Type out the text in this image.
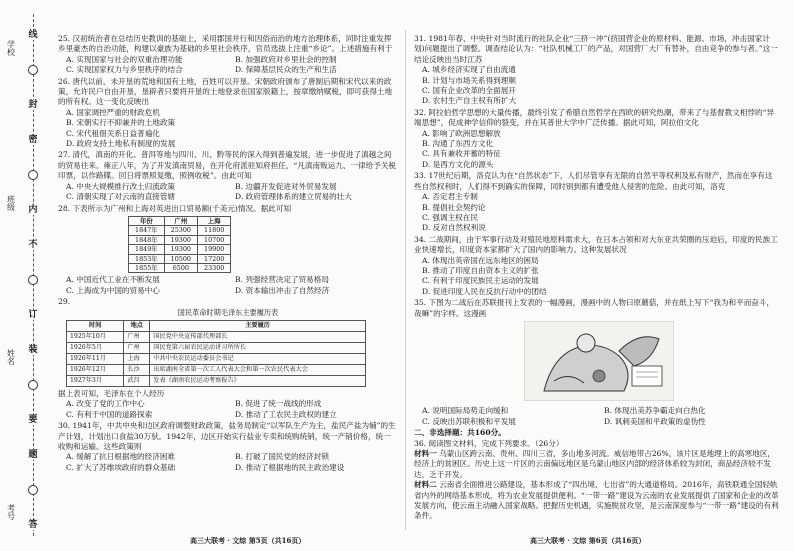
学校
班级
姓名
考号
线
封
密
内
不
订
装
要
题
答
25. 汉初统治者在总结历史教训的基础上，采用郡国并行和因俗而治的地方治理体系，同时注重发挥乡里豪杰的自治功能，构建以豪族为基础的乡里社会秩序，官员选拔上注重“乡论”。上述措施有利于
A. 实现国家与社会的双重治理功能	B. 加强政府对乡里社会的控制
C. 实现国家权力与乡里秩序的结合	D. 保障基层民众的生产和生活
26. 唐代以前，未开垦的荒地和国有土地，百姓可以开垦。宋朝政府颁布了唐制后期和宋代以来的政策，允许民户自由开垦，垦辟者只要将开垦的土地登录在国家版籍上，按章缴纳赋税，即可获得土地的所有权。这一变化反映出
A. 国家调控严重的财政危机
B. 宋朝实行不抑兼并的土地政策
C. 宋代租佃关系日益普遍化
D. 政府支持土地私有制度的发展
27. 清代，滇南的开化、普洱等地与四川、川、黔等民的深入得到普遍发展，进一步促进了滇越之间的贸易往来。雍正八年，为了开发滇南贸易，在开化府派驻知府担任，“凡滇南贩运九、一律给予关税印票，以作路牒。回日将票照复缴，照例收税”。由此可知
A. 中央大规模推行改土归流政策	B. 边疆开发促进对外贸易发展
C. 清朝实现了对云南的直接管辖	D. 政府管理体系的建立贸易的壮大
28. 下表所示为广州和上海对英进出口贸易额(千美元)情况。据此可知
年份	广州	上海
1847年	25300	11800
1848年	19300	10700
1849年	19300	19900
1853年	10500	17200
1855年	6500	23300
A. 中国近代工业在不断发展	B. 列强经营决定了贸易格局
C. 上海成为中国的贸易中心	D. 资本输出冲击了自然经济
29.
国民革命时期毛泽东主要履历表
时间	地点	主要履历
1925年10月	广州	国民党中央宣传部代理部长
1926年5月	广州	国民党第六届农民运动讲习所所长
1926年11月	上海	中共中央农民运动委员会书记
1926年12月	长沙	出席湖南全省第一次工人代表大会和第一次农民代表大会
1927年3月	武昌	发表《湖南农民运动考察报告》
据上表可知，毛泽东在个人经历
A. 改变了党的工作中心	B. 促进了统一战线的形成
C. 有利于中国的道路探索	D. 推动了工农民主政权的建立
30. 1941年，中共中央和边区政府调整财政政策，盐务局制定“以军队生产为主，盐民产盐为辅”的生产计划，计划出口食盐30万驮。1942年，边区开始实行盐业专卖和统购统销，统一产销价格，统一收购和运输。这些政策则
A. 缓解了抗日根据地的经济困难	B. 打破了国民党的经济封锁
C. 扩大了苏维埃政府的群众基础	D. 推动了根据地的民主政治建设
高三大联考 · 文综 第5页（共16页）
31. 1981年春，中央针对当时流行的社队企业“三挤一冲”(挤国营企业的原材料、能源、市场，冲击国家计划)问题提出了调整。调查结论认为：“社队机械工厂的产品，对国营厂大厂有替补，自由竞争的参与者。”这一结论反映出当时江苏
A. 城乡经济实现了自由流通
B. 计划与市场关系得到理顺
C. 国有企业改革的全面展开
D. 农村生产自主权有所扩大
32. 阿拉伯哲学思想的大量传播，最终引发了希腊自然哲学在西欧的研究热潮，带来了与基督教文相悖的“异端思想”，促成神学信仰的裂变，并在其普世大学中广泛传播。据此可知，阿拉伯文化
A. 影响了欧洲思想解放
B. 沟通了东西方文化
C. 具有兼收并蓄的特征
D. 是西方文化的源头
33. 17世纪后期，洛克认为在“自然状态”下，人们尽管享有无限的自然平等权利及私有财产，然而在享有这些自然权利时，人们得不到确实的保障，同时别到都有遭受他人侵害的危险。由此可知，洛克
A. 否定君主专制
B. 提倡社会契约论
C. 强调主权在民
D. 反对自然权利说
34. 二战期间，由于军事行动及对殖民地原料需求大，在日本占领和对大东亚共荣圈的压迫后，印度的民族工业快速增长，印度资本家都扩大了国内的影响力。这种发展状况
A. 体现出英帝国在远东地区的困局
B. 推动了印度自由资本主义的扩张
C. 有利于印度民族民主运动的发展
D. 促进印度人民在反抗行动中的团结
35. 下图为二战后在苏联报刊上发表的一幅漫画，漫画中的人物曰原蘑菇，并在纸上写下“我为和平而奋斗，哉嘛”的字样。这漫画
A. 说明国际局势走向缓和	B. 体现出美苏争霸走向白热化
C. 反映出苏联积极和平发展	D. 讽刺美国和平政策的虚伪性
二、非选择题：共160分。
36. 阅读图文材料，完成下列要求。（26分）
材料一 乌蒙山区跨云南、贵州、四川三省，多山地多河流。威信地带占26%，该片区是地理上的高寒地区，经济上的贫困区。历史上这一片区的云南偏远地区是乌蒙山地区内部的经济体系较为封闭，商品经济较不发达，乏于开发。
材料二 云南省全面推进公路建设，基本形成了“四出境、七出省”的大通道格局。2016年，高铁联通全国轻轨省内外的网络基本形成，将为农业发展提供便利。“一带一路”建设为云南的农业发展提供了国家和企业的改革发展方向，使云南主动融入国家战略。把握历史机遇，实施脱贫攻坚，是云南深度参与“一带一路”建设的有利条件。
高三大联考 · 文综 第6页（共16页）
